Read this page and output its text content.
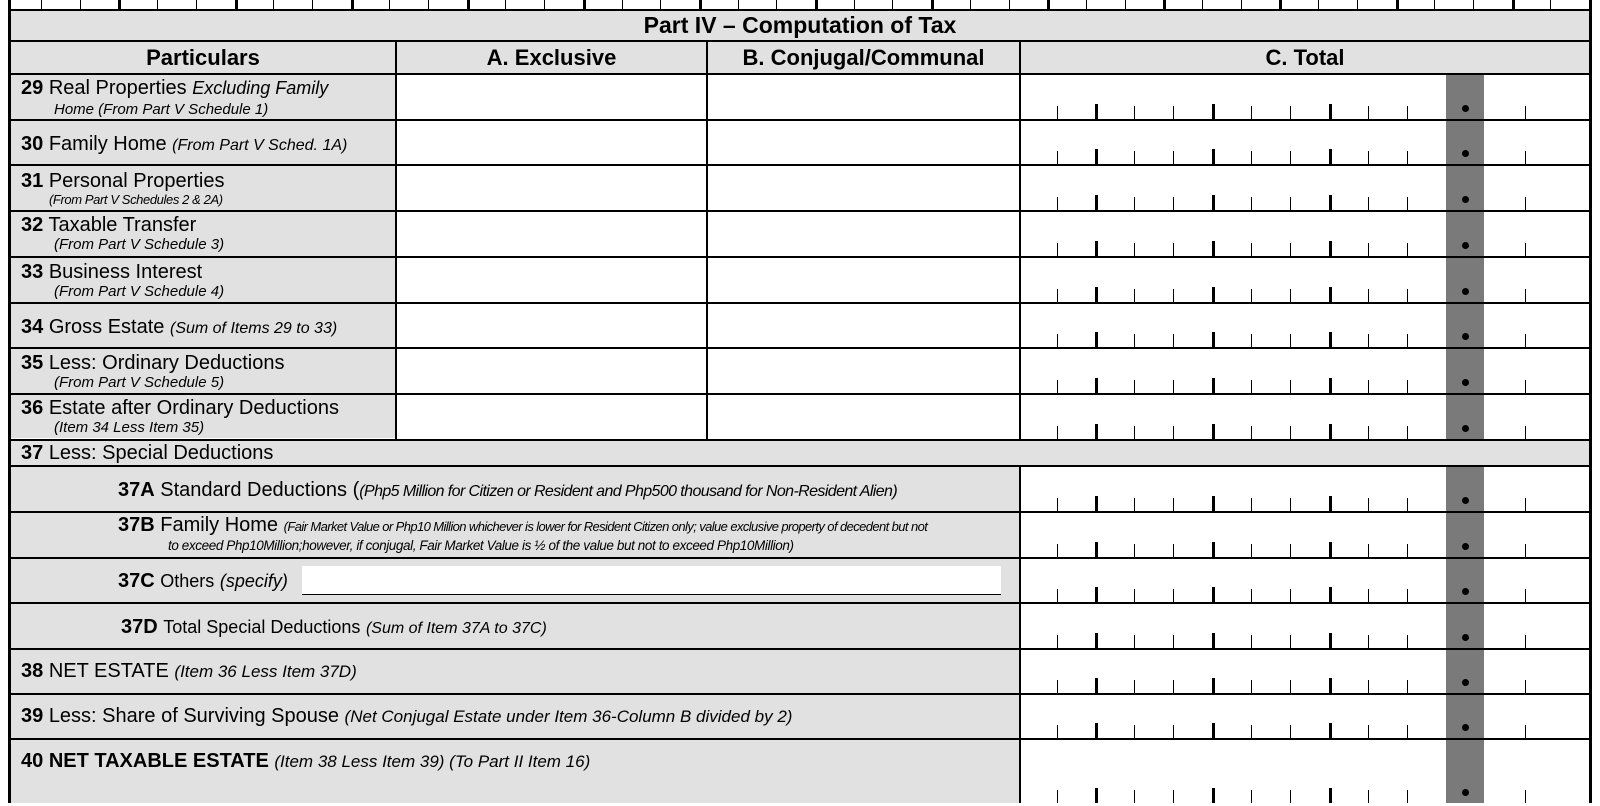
Part IV – Computation of Tax
Particulars	A. Exclusive	B. Conjugal/Communal	C. Total
29 Real Properties Excluding Family
Home (From Part V Schedule 1)
30 Family Home (From Part V Sched. 1A)
31 Personal Properties
(From Part V Schedules 2 & 2A)
32 Taxable Transfer
(From Part V Schedule 3)
33 Business Interest
(From Part V Schedule 4)
34 Gross Estate (Sum of Items 29 to 33)
35 Less: Ordinary Deductions
(From Part V Schedule 5)
36 Estate after Ordinary Deductions
(Item 34 Less Item 35)
37 Less: Special Deductions
37A Standard Deductions ((Php5 Million for Citizen or Resident and Php500 thousand for Non-Resident Alien)
37B Family Home (Fair Market Value or Php10 Million whichever is lower for Resident Citizen only; value exclusive property of decedent but not
to exceed Php10Million;however, if conjugal, Fair Market Value is ½ of the value but not to exceed Php10Million)
37C Others (specify)
37D Total Special Deductions (Sum of Item 37A to 37C)
38 NET ESTATE (Item 36 Less Item 37D)
39 Less: Share of Surviving Spouse (Net Conjugal Estate under Item 36-Column B divided by 2)
40 NET TAXABLE ESTATE (Item 38 Less Item 39) (To Part II Item 16)
